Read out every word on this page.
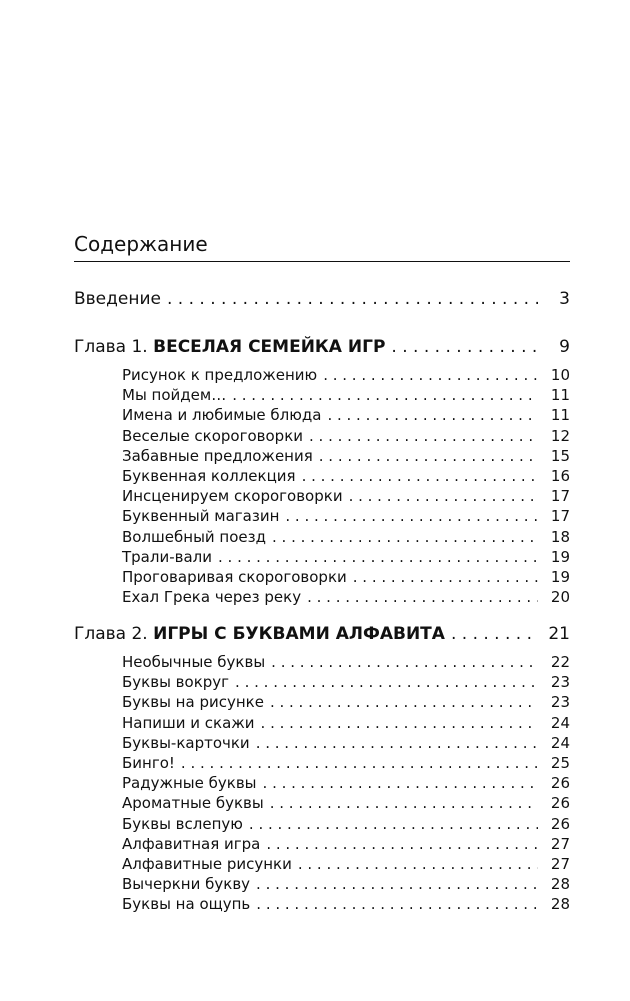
Содержание
Введение . . .	3
Глава 1. ВЕСЕЛАЯ СЕМЕЙКА ИГР . . .	9
Рисунок к предложению . . .	10
Мы пойдем… . . .	11
Имена и любимые блюда . . .	11
Веселые скороговорки . . .	12
Забавные предложения . . .	15
Буквенная коллекция . . .	16
Инсценируем скороговорки . . .	17
Буквенный магазин . . .	17
Волшебный поезд . . .	18
Трали-вали . . .	19
Проговаривая скороговорки . . .	19
Ехал Грека через реку . . .	20
Глава 2. ИГРЫ С БУКВАМИ АЛФАВИТА . . .	21
Необычные буквы . . .	22
Буквы вокруг . . .	23
Буквы на рисунке . . .	23
Напиши и скажи . . .	24
Буквы-карточки . . .	24
Бинго! . . .	25
Радужные буквы . . .	26
Ароматные буквы . . .	26
Буквы вслепую . . .	26
Алфавитная игра . . .	27
Алфавитные рисунки . . .	27
Вычеркни букву . . .	28
Буквы на ощупь . . .	28
